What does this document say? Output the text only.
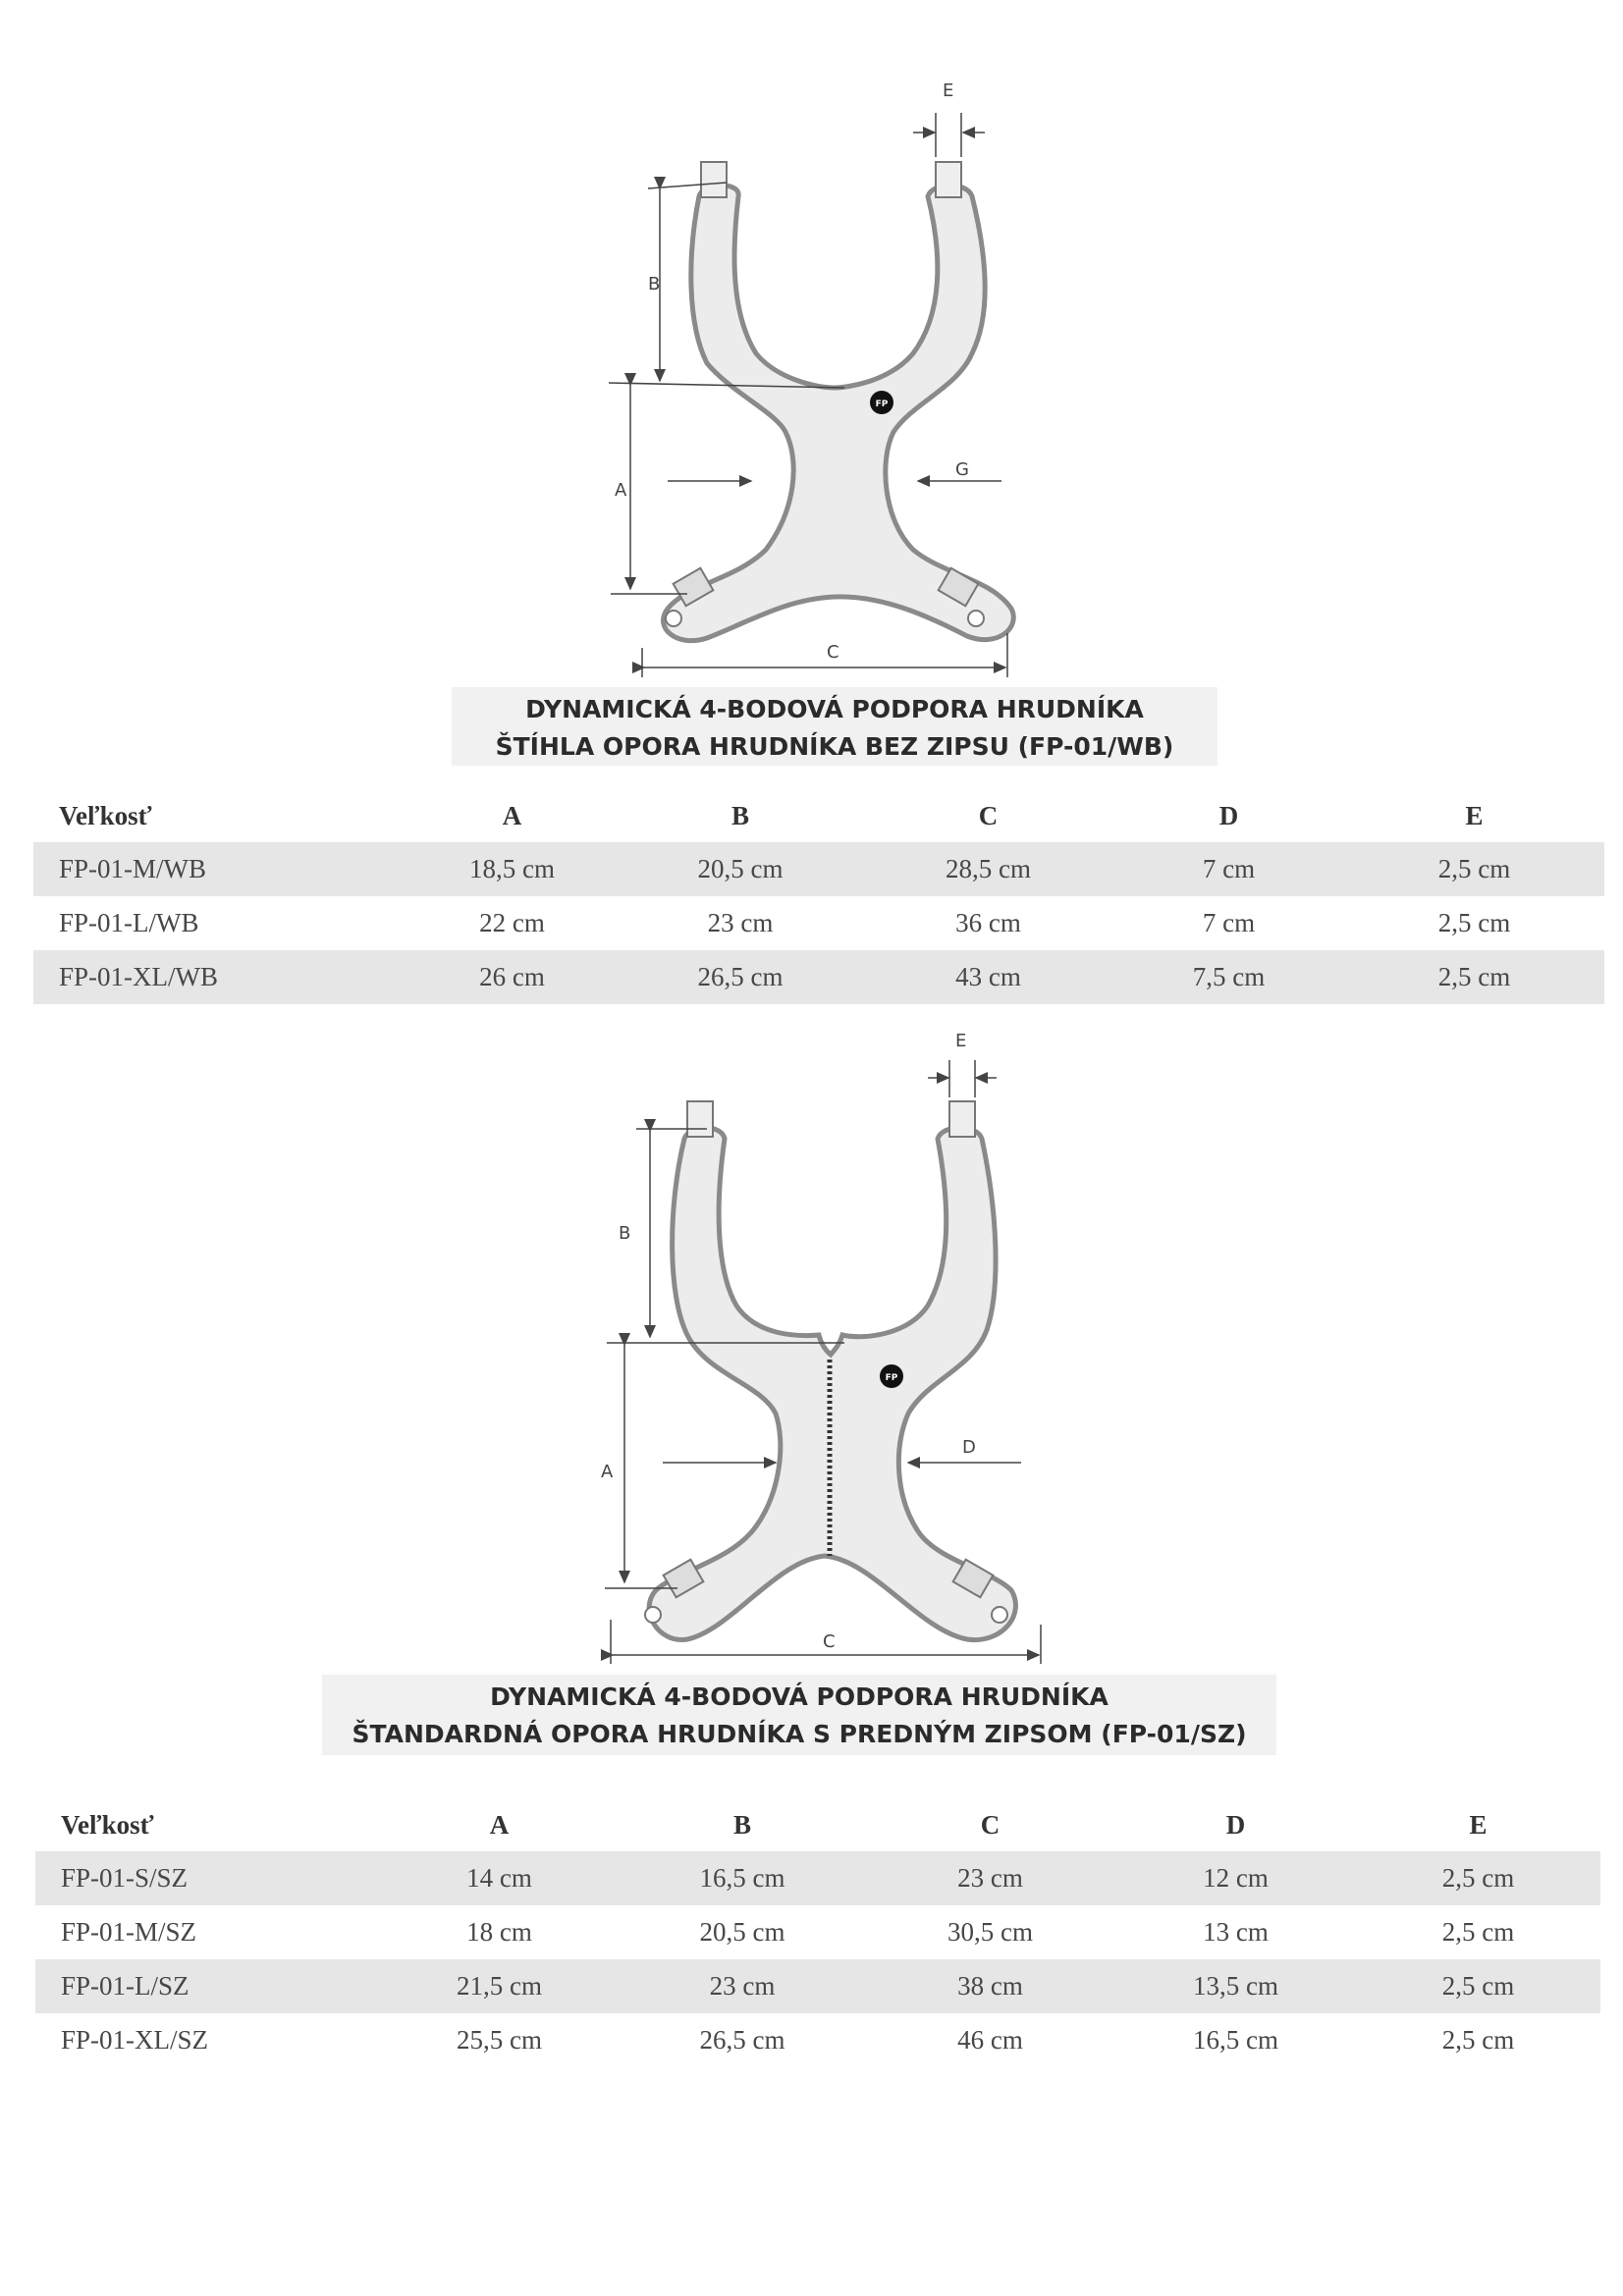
FP
B
A
C
E
G
DYNAMICKÁ 4-BODOVÁ PODPORA HRUDNÍKA
ŠTÍHLA OPORA HRUDNÍKA BEZ ZIPSU (FP-01/WB)
Veľkosť	A	B	C	D	E
FP-01-M/WB	18,5 cm	20,5 cm	28,5 cm	7 cm	2,5 cm
FP-01-L/WB	22 cm	23 cm	36 cm	7 cm	2,5 cm
FP-01-XL/WB	26 cm	26,5 cm	43 cm	7,5 cm	2,5 cm
FP
B
A
C
E
D
DYNAMICKÁ 4-BODOVÁ PODPORA HRUDNÍKA
ŠTANDARDNÁ OPORA HRUDNÍKA S PREDNÝM ZIPSOM (FP-01/SZ)
Veľkosť	A	B	C	D	E
FP-01-S/SZ	14 cm	16,5 cm	23 cm	12 cm	2,5 cm
FP-01-M/SZ	18 cm	20,5 cm	30,5 cm	13 cm	2,5 cm
FP-01-L/SZ	21,5 cm	23 cm	38 cm	13,5 cm	2,5 cm
FP-01-XL/SZ	25,5 cm	26,5 cm	46 cm	16,5 cm	2,5 cm
